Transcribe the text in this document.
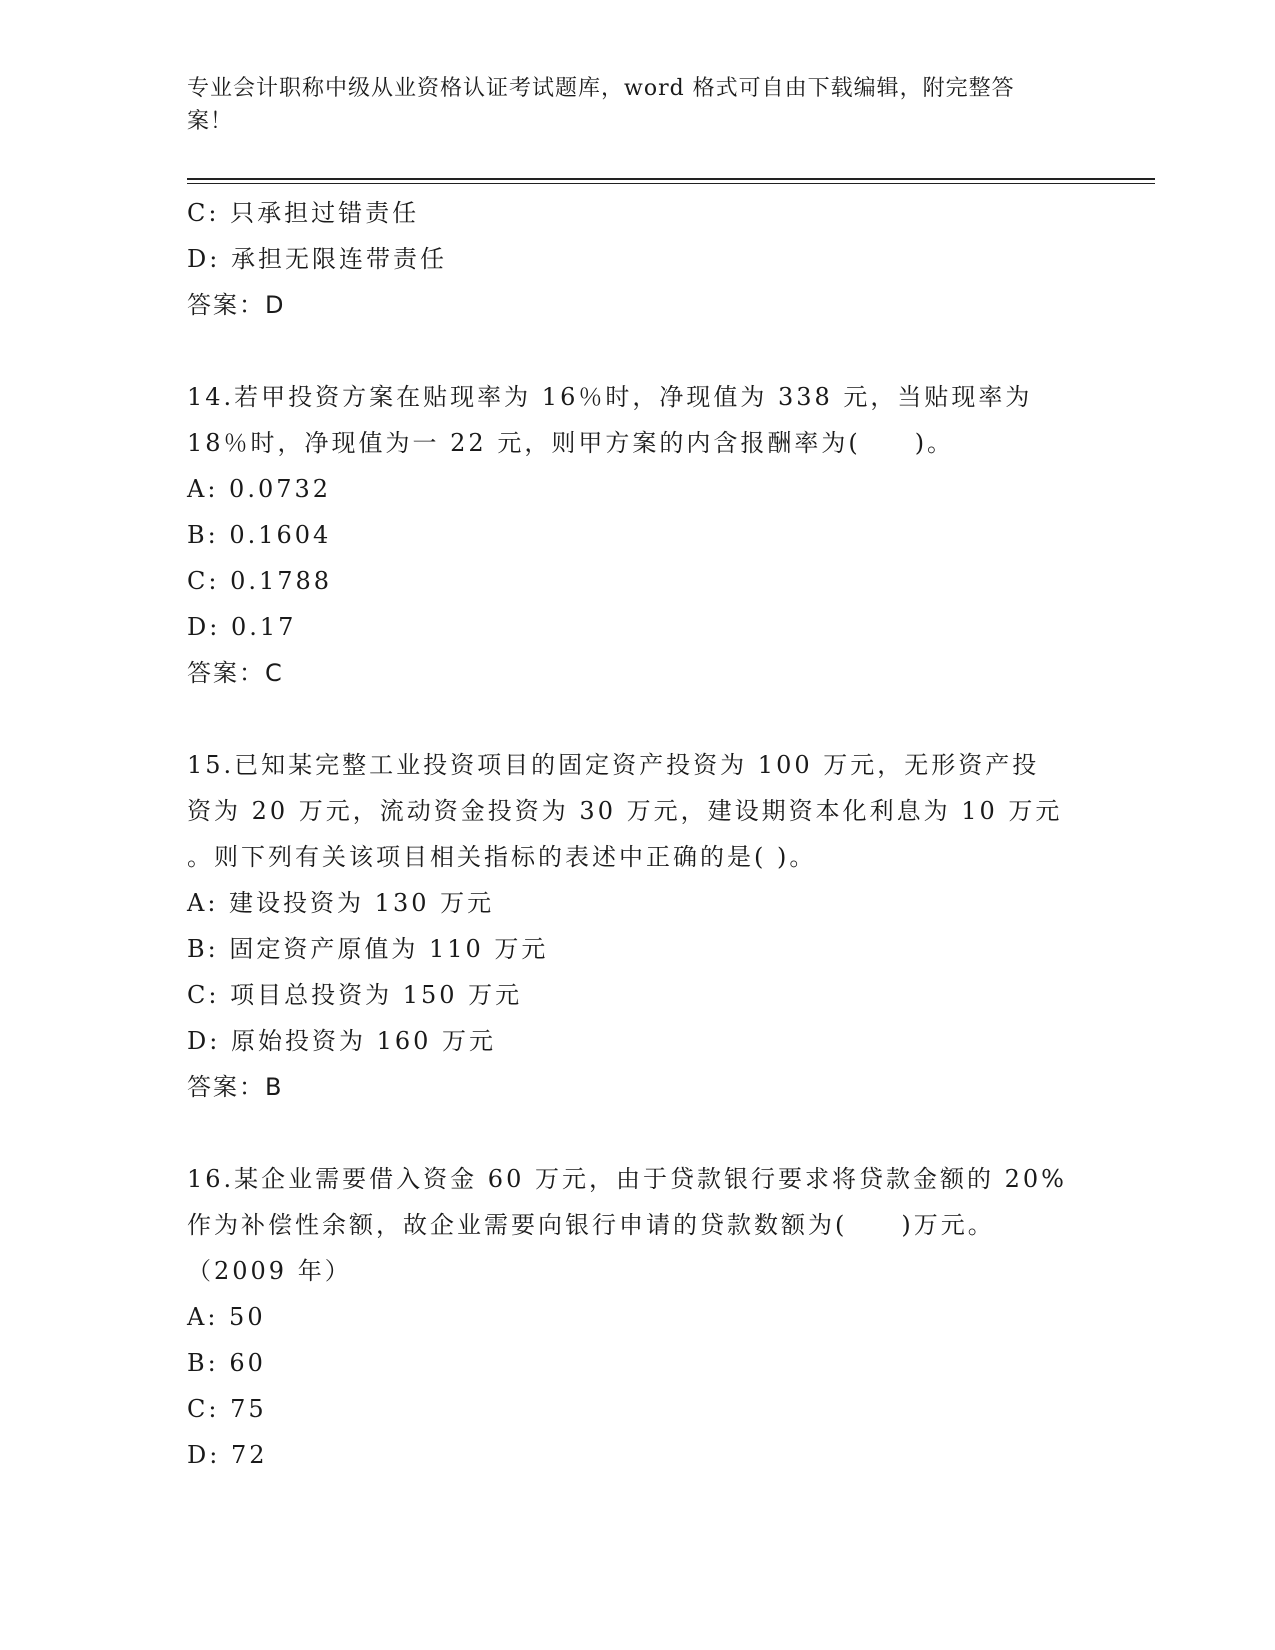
专业会计职称中级从业资格认证考试题库，word 格式可自由下载编辑，附完整答
案！
C: 只承担过错责任
D: 承担无限连带责任
答案：D
14.若甲投资方案在贴现率为 16％时，净现值为 338 元，当贴现率为
18％时，净现值为一 22 元，则甲方案的内含报酬率为(　　)。
A: 0.0732
B: 0.1604
C: 0.1788
D: 0.17
答案：C
15.已知某完整工业投资项目的固定资产投资为 100 万元，无形资产投
资为 20 万元，流动资金投资为 30 万元，建设期资本化利息为 10 万元
。则下列有关该项目相关指标的表述中正确的是( )。
A: 建设投资为 130 万元
B: 固定资产原值为 110 万元
C: 项目总投资为 150 万元
D: 原始投资为 160 万元
答案：B
16.某企业需要借入资金 60 万元，由于贷款银行要求将贷款金额的 20%
作为补偿性余额，故企业需要向银行申请的贷款数额为(　　)万元。
（2009 年）
A: 50
B: 60
C: 75
D: 72
